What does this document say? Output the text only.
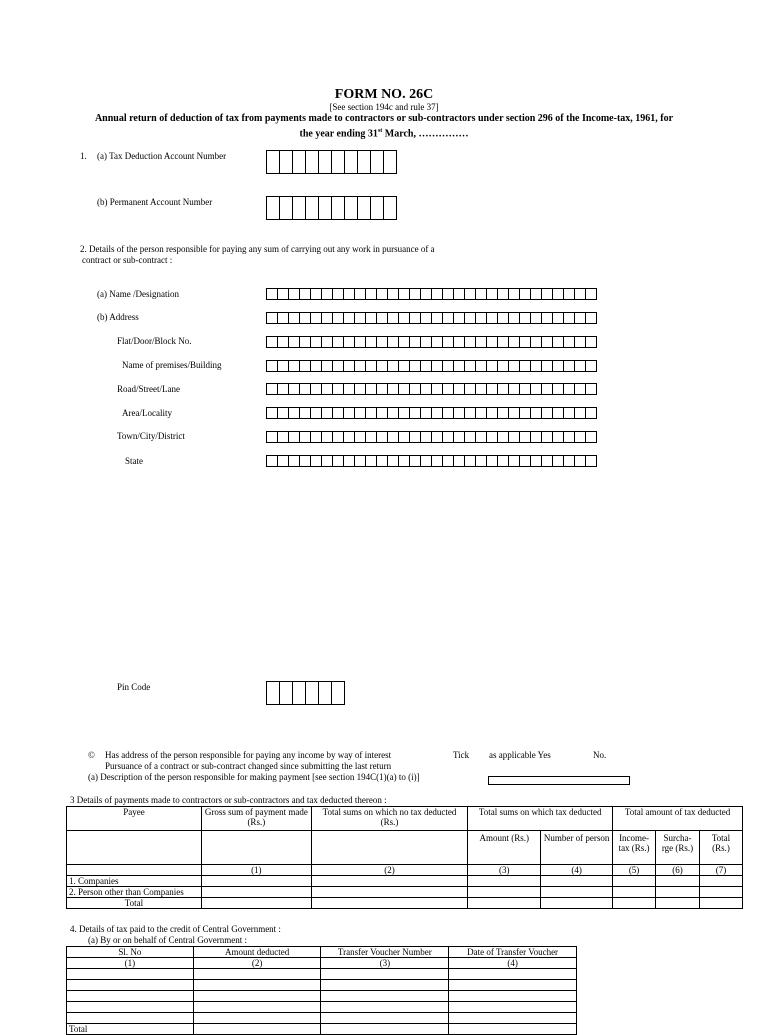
FORM NO. 26C
[See section 194c and rule 37]
Annual return of deduction of tax from payments made to contractors or sub-contractors under section 296 of the Income-tax, 1961, for
the year ending 31st March, ……………
1. (a) Tax Deduction Account Number
(b) Permanent Account Number
2. Details of the person responsible for paying any sum of carrying out any work in pursuance of a
contract or sub-contract :
(a) Name /Designation
(b) Address
Flat/Door/Block No.
Name of premises/Building
Road/Street/Lane
Area/Locality
Town/City/District
State
Pin Code
© Has address of the person responsible for paying any income by way of interest	Tick as applicable Yes	No.
Pursuance of a contract or sub-contract changed since submitting the last return
(a) Description of the person responsible for making payment [see section 194C(1)(a) to (i)]
3 Details of payments made to contractors or sub-contractors and tax deducted thereon :
Payee	Gross sum of payment made (Rs.)	Total sums on which no tax deducted (Rs.)	Total sums on which tax deducted		Total amount of tax deducted		
			Amount (Rs.)	Number of person	Income-tax (Rs.)	Surcha-rge (Rs.)	Total (Rs.)
	(1)	(2)	(3)	(4)	(5)	(6)	(7)
1. Companies							
2. Person other than Companies							
Total							
4. Details of tax paid to the credit of Central Government :
(a) By or on behalf of Central Government :
Sl. No	Amount deducted	Transfer Voucher Number	Date of Transfer Voucher
(1)	(2)	(3)	(4)

Total			
